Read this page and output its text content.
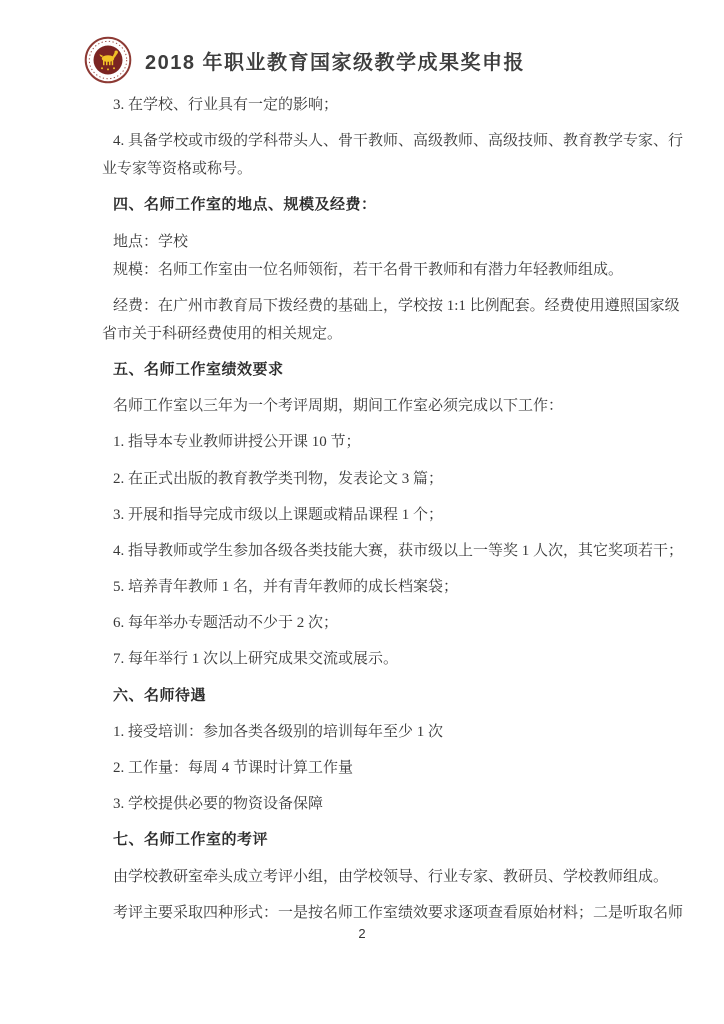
2018 年职业教育国家级教学成果奖申报
3. 在学校、行业具有一定的影响；
4. 具备学校或市级的学科带头人、骨干教师、高级教师、高级技师、教育教学专家、行
业专家等资格或称号。
四、名师工作室的地点、规模及经费：
地点：学校
规模：名师工作室由一位名师领衔，若干名骨干教师和有潜力年轻教师组成。
经费：在广州市教育局下拨经费的基础上，学校按 1:1 比例配套。经费使用遵照国家级
省市关于科研经费使用的相关规定。
五、名师工作室绩效要求
名师工作室以三年为一个考评周期，期间工作室必须完成以下工作：
1. 指导本专业教师讲授公开课 10 节；
2. 在正式出版的教育教学类刊物，发表论文 3 篇；
3. 开展和指导完成市级以上课题或精品课程 1 个；
4. 指导教师或学生参加各级各类技能大赛，获市级以上一等奖 1 人次，其它奖项若干；
5. 培养青年教师 1 名，并有青年教师的成长档案袋；
6. 每年举办专题活动不少于 2 次；
7. 每年举行 1 次以上研究成果交流或展示。
六、名师待遇
1. 接受培训：参加各类各级别的培训每年至少 1 次
2. 工作量：每周 4 节课时计算工作量
3. 学校提供必要的物资设备保障
七、名师工作室的考评
由学校教研室牵头成立考评小组，由学校领导、行业专家、教研员、学校教师组成。
考评主要采取四种形式：一是按名师工作室绩效要求逐项查看原始材料；二是听取名师
2
